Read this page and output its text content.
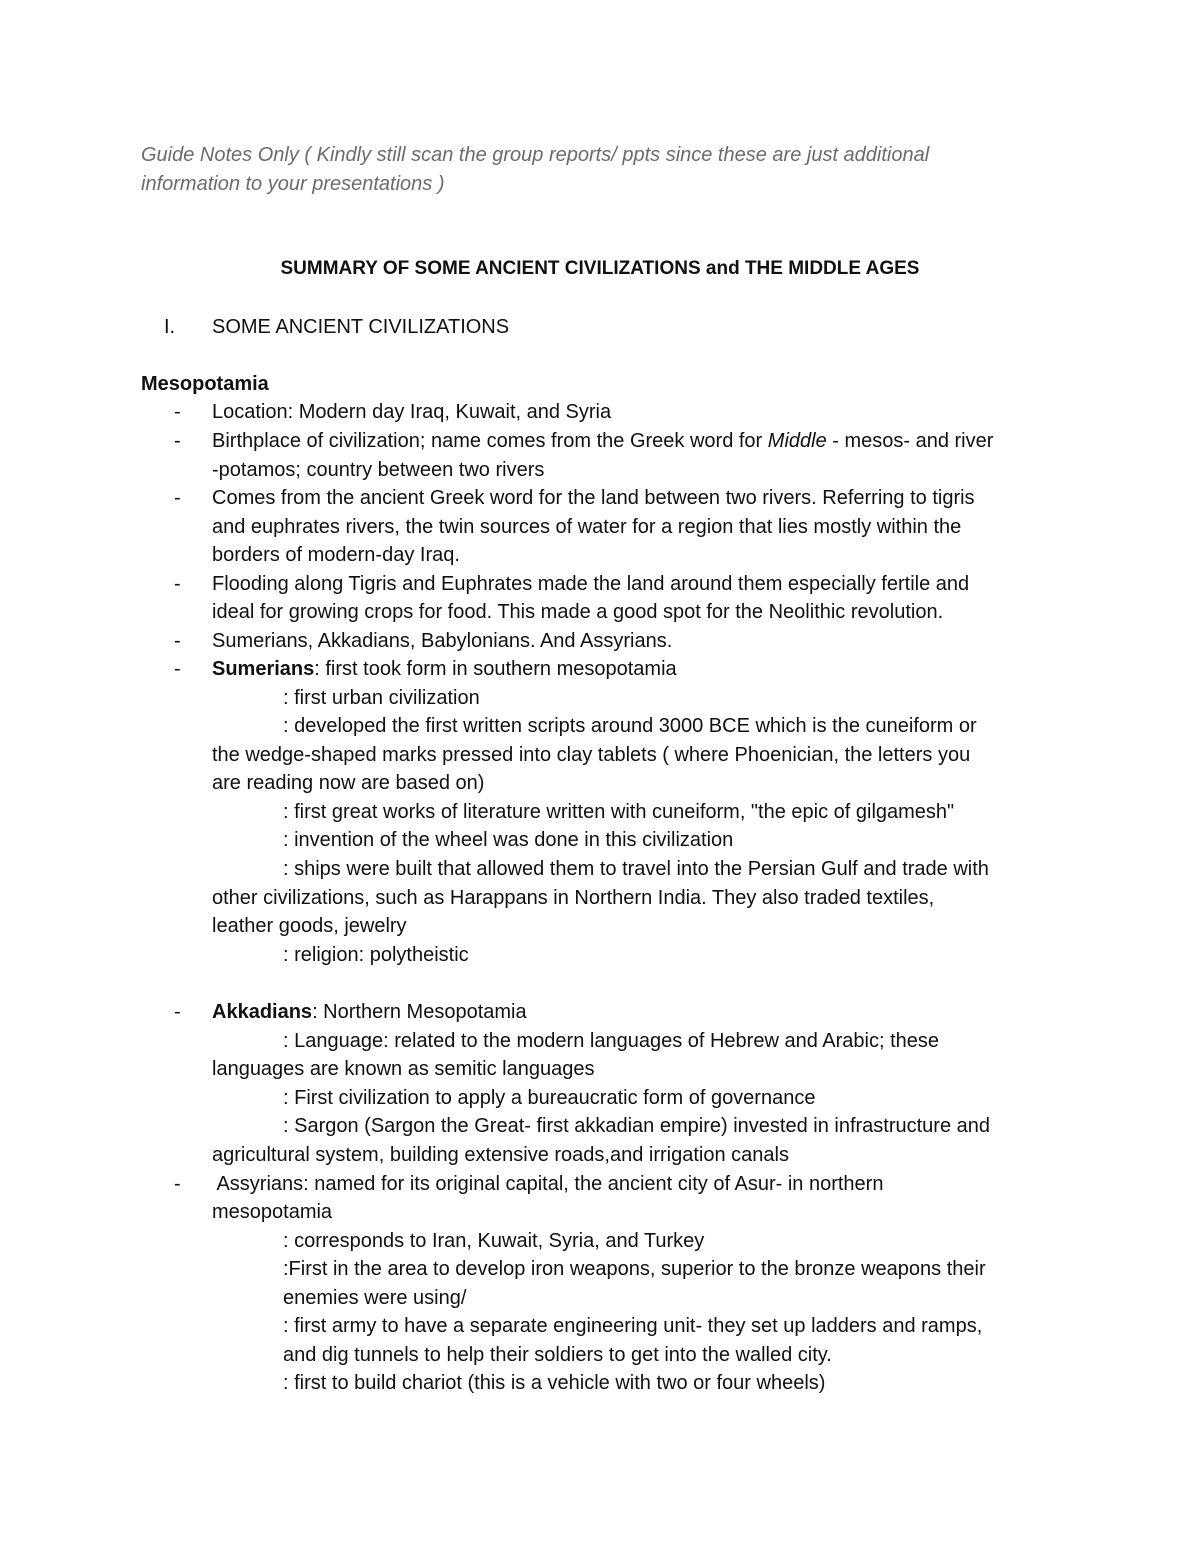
Guide Notes Only ( Kindly still scan the group reports/ ppts since these are just additional
information to your presentations )
SUMMARY OF SOME ANCIENT CIVILIZATIONS and THE MIDDLE AGES
I. SOME ANCIENT CIVILIZATIONS
Mesopotamia
- Location: Modern day Iraq, Kuwait, and Syria
- Birthplace of civilization; name comes from the Greek word for Middle - mesos- and river
-potamos; country between two rivers
- Comes from the ancient Greek word for the land between two rivers. Referring to tigris
and euphrates rivers, the twin sources of water for a region that lies mostly within the
borders of modern-day Iraq.
- Flooding along Tigris and Euphrates made the land around them especially fertile and
ideal for growing crops for food. This made a good spot for the Neolithic revolution.
- Sumerians, Akkadians, Babylonians. And Assyrians.
- Sumerians: first took form in southern mesopotamia
: first urban civilization
: developed the first written scripts around 3000 BCE which is the cuneiform or
the wedge-shaped marks pressed into clay tablets ( where Phoenician, the letters you
are reading now are based on)
: first great works of literature written with cuneiform, "the epic of gilgamesh"
: invention of the wheel was done in this civilization
: ships were built that allowed them to travel into the Persian Gulf and trade with
other civilizations, such as Harappans in Northern India. They also traded textiles,
leather goods, jewelry
: religion: polytheistic
- Akkadians: Northern Mesopotamia
: Language: related to the modern languages of Hebrew and Arabic; these
languages are known as semitic languages
: First civilization to apply a bureaucratic form of governance
: Sargon (Sargon the Great- first akkadian empire) invested in infrastructure and
agricultural system, building extensive roads,and irrigation canals
- Assyrians: named for its original capital, the ancient city of Asur- in northern
mesopotamia
: corresponds to Iran, Kuwait, Syria, and Turkey
:First in the area to develop iron weapons, superior to the bronze weapons their
enemies were using/
: first army to have a separate engineering unit- they set up ladders and ramps,
and dig tunnels to help their soldiers to get into the walled city.
: first to build chariot (this is a vehicle with two or four wheels)
